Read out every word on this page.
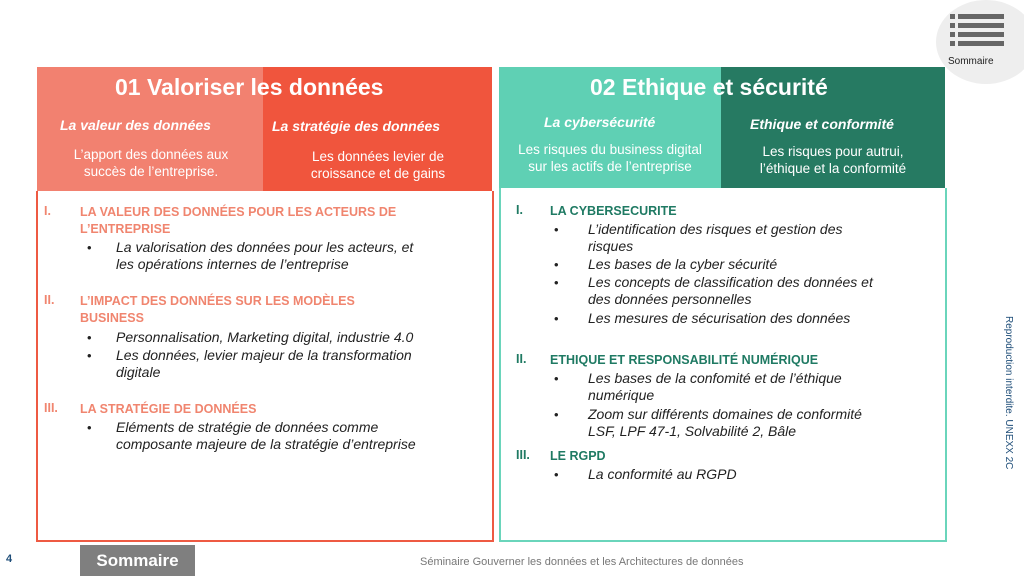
Sommaire
01 Valoriser les données
La valeur des données
L’apport des données aux
succès de l’entreprise.
La stratégie des données
Les données levier de
croissance et de gains
I. LA VALEUR DES DONNÉES POUR LES ACTEURS DE
L’ENTREPRISE
• La valorisation des données pour les acteurs, et
les opérations internes de l’entreprise
II. L’IMPACT DES DONNÉES SUR LES MODÈLES
BUSINESS
• Personnalisation, Marketing digital, industrie 4.0
• Les données, levier majeur de la transformation
digitale
III. LA STRATÉGIE DE DONNÉES
• Eléments de stratégie de données comme
composante majeure de la stratégie d’entreprise
02 Ethique et sécurité
La cybersécurité
Les risques du business digital
sur les actifs de l’entreprise
Ethique et conformité
Les risques pour autrui,
l’éthique et la conformité
I. LA CYBERSECURITE
• L’identification des risques et gestion des
risques
• Les bases de la cyber sécurité
• Les concepts de classification des données et
des données personnelles
• Les mesures de sécurisation des données
II. ETHIQUE ET RESPONSABILITÉ NUMÉRIQUE
• Les bases de la confomité et de l’éthique
numérique
• Zoom sur différents domaines de conformité
LSF, LPF 47-1, Solvabilité 2, Bâle
III. LE RGPD
• La conformité au RGPD
Reproduction interdite. UNEXX 2C
4	Sommaire	Séminaire Gouverner les données et les Architectures de données
